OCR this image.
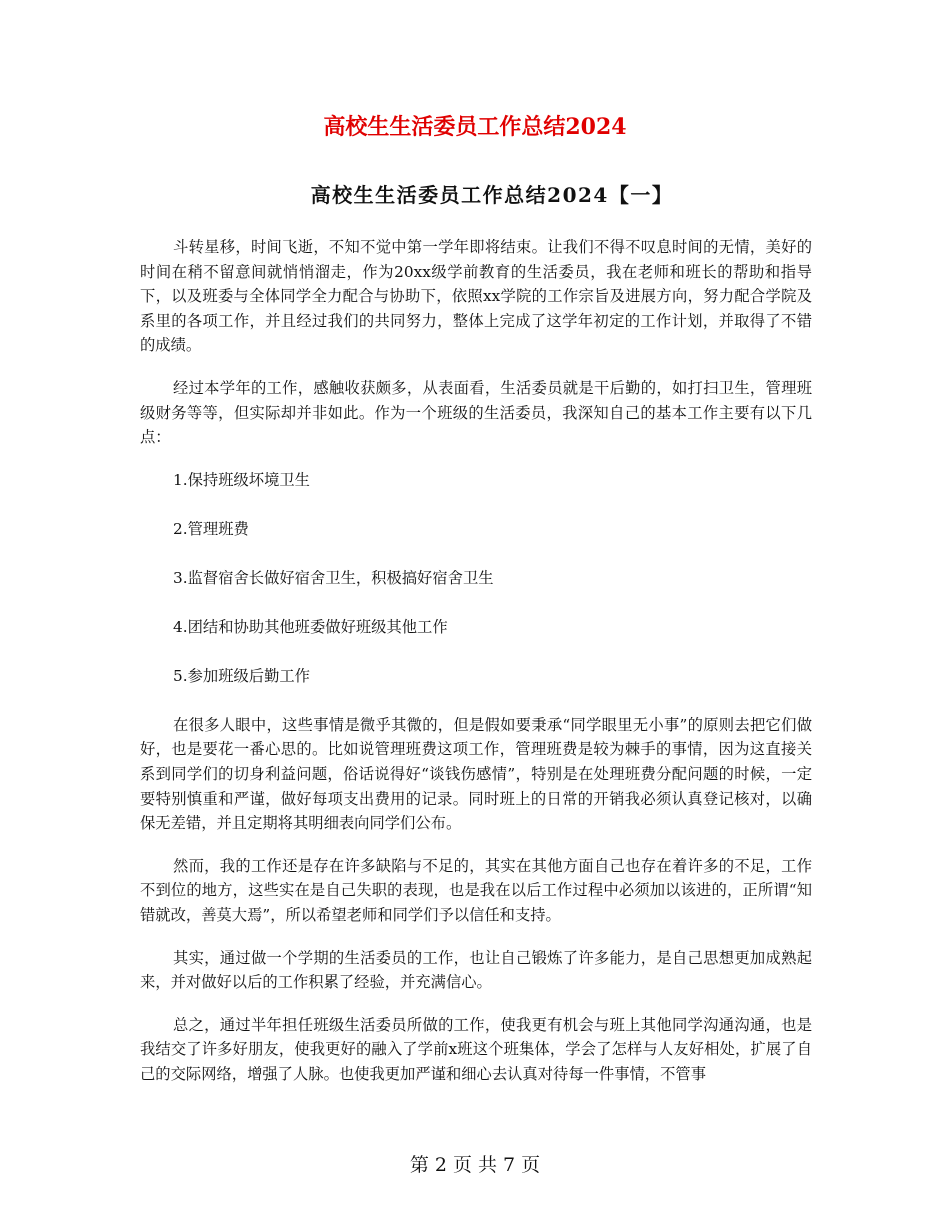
高校生生活委员工作总结2024
高校生生活委员工作总结2024【一】

斗转星移，时间飞逝，不知不觉中第一学年即将结束。让我们不得不叹息时间的无情，美好的时间在稍不留意间就悄悄溜走，作为20xx级学前教育的生活委员，我在老师和班长的帮助和指导下，以及班委与全体同学全力配合与协助下，依照xx学院的工作宗旨及进展方向，努力配合学院及系里的各项工作，并且经过我们的共同努力，整体上完成了这学年初定的工作计划，并取得了不错的成绩。

经过本学年的工作，感触收获颇多，从表面看，生活委员就是干后勤的，如打扫卫生，管理班级财务等等，但实际却并非如此。作为一个班级的生活委员，我深知自己的基本工作主要有以下几点：

1.保持班级坏境卫生

2.管理班费

3.监督宿舍长做好宿舍卫生，积极搞好宿舍卫生

4.团结和协助其他班委做好班级其他工作

5.参加班级后勤工作

在很多人眼中，这些事情是微乎其微的，但是假如要秉承“同学眼里无小事”的原则去把它们做好，也是要花一番心思的。比如说管理班费这项工作，管理班费是较为棘手的事情，因为这直接关系到同学们的切身利益问题，俗话说得好“谈钱伤感情”，特别是在处理班费分配问题的时候，一定要特别慎重和严谨，做好每项支出费用的记录。同时班上的日常的开销我必须认真登记核对，以确保无差错，并且定期将其明细表向同学们公布。

然而，我的工作还是存在许多缺陷与不足的，其实在其他方面自己也存在着许多的不足，工作不到位的地方，这些实在是自己失职的表现，也是我在以后工作过程中必须加以该进的，正所谓“知错就改，善莫大焉”，所以希望老师和同学们予以信任和支持。

其实，通过做一个学期的生活委员的工作，也让自己锻炼了许多能力，是自己思想更加成熟起来，并对做好以后的工作积累了经验，并充满信心。

总之，通过半年担任班级生活委员所做的工作，使我更有机会与班上其他同学沟通沟通，也是我结交了许多好朋友，使我更好的融入了学前x班这个班集体，学会了怎样与人友好相处，扩展了自己的交际网络，增强了人脉。也使我更加严谨和细心去认真对待每一件事情，不管事

第 2 页 共 7 页
